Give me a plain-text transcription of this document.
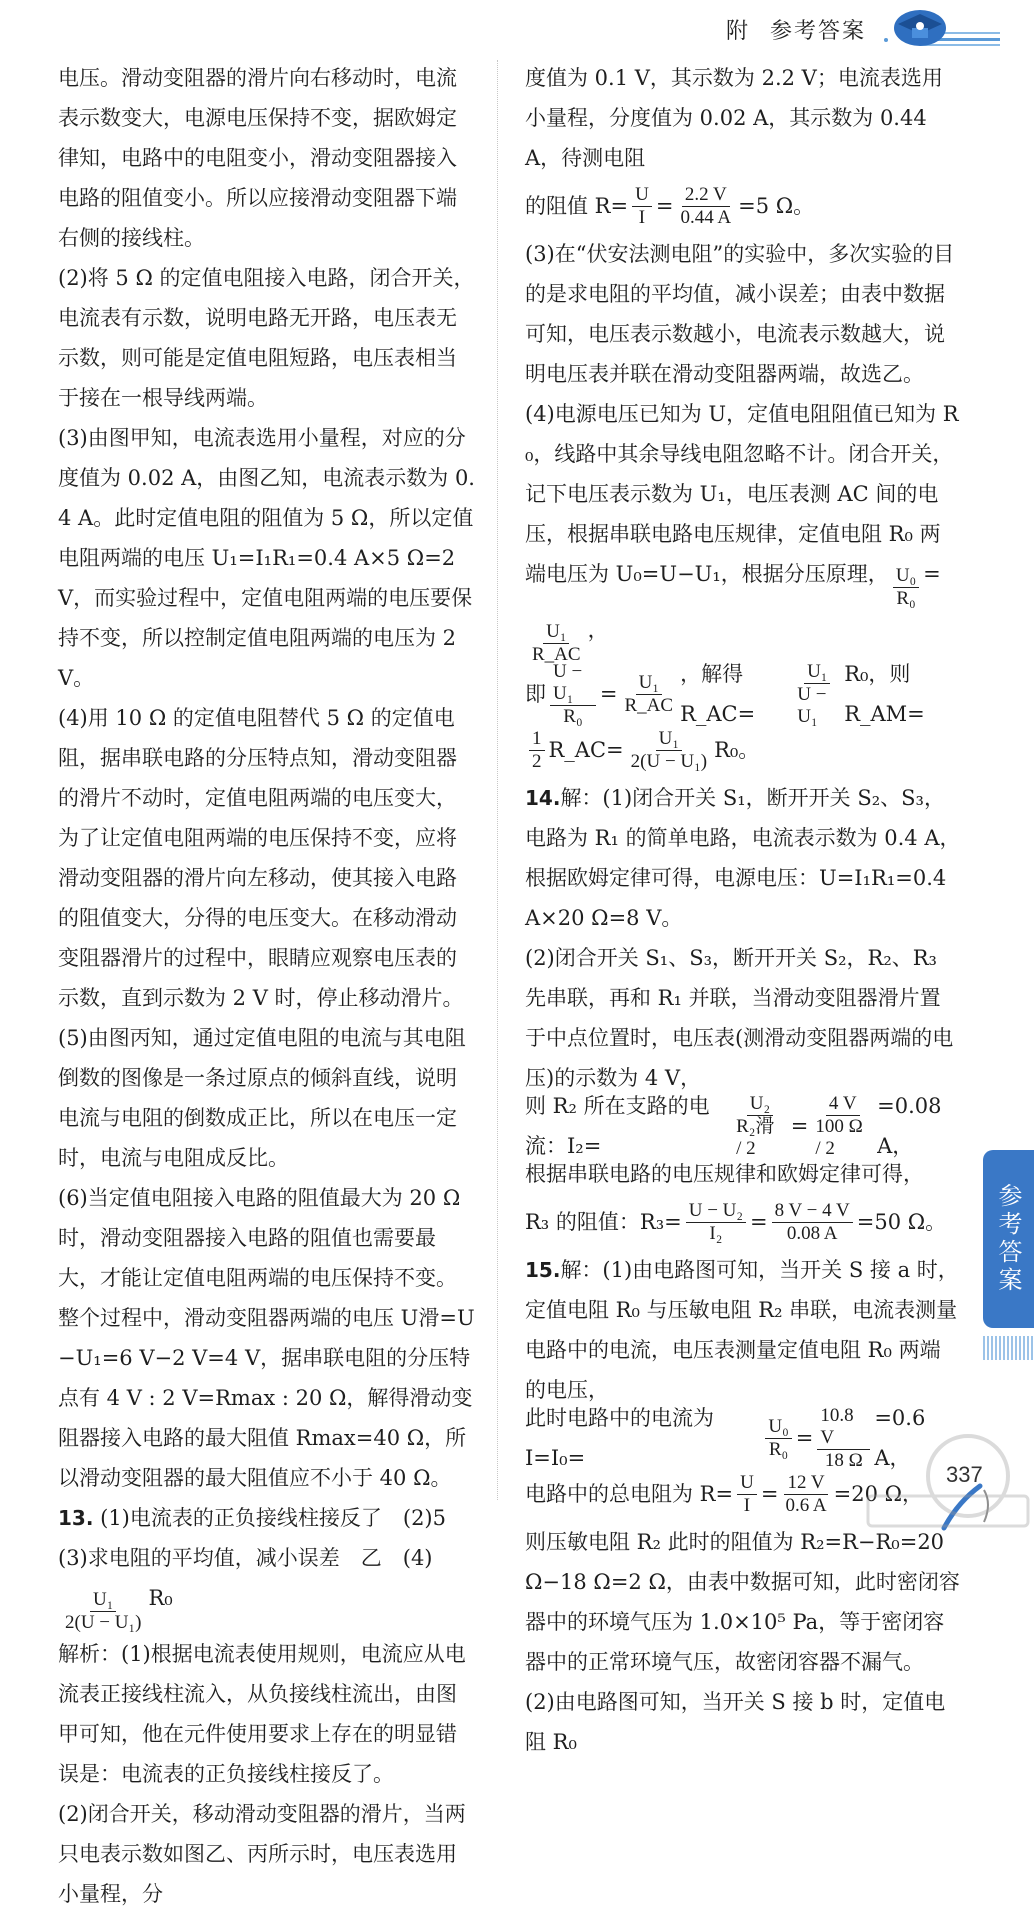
附 参考答案

电压。滑动变阻器的滑片向右移动时，电流表示数变大，电源电压保持不变，据欧姆定律知，电路中的电阻变小，滑动变阻器接入电路的阻值变小。所以应接滑动变阻器下端右侧的接线柱。

(2)将 5 Ω 的定值电阻接入电路，闭合开关，电流表有示数，说明电路无开路，电压表无示数，则可能是定值电阻短路，电压表相当于接在一根导线两端。

(3)由图甲知，电流表选用小量程，对应的分度值为 0.02 A，由图乙知，电流表示数为 0.4 A。此时定值电阻的阻值为 5 Ω，所以定值电阻两端的电压 U₁=I₁R₁=0.4 A×5 Ω=2 V，而实验过程中，定值电阻两端的电压要保持不变，所以控制定值电阻两端的电压为 2 V。

(4)用 10 Ω 的定值电阻替代 5 Ω 的定值电阻，据串联电路的分压特点知，滑动变阻器的滑片不动时，定值电阻两端的电压变大，为了让定值电阻两端的电压保持不变，应将滑动变阻器的滑片向左移动，使其接入电路的阻值变大，分得的电压变大。在移动滑动变阻器滑片的过程中，眼睛应观察电压表的示数，直到示数为 2 V 时，停止移动滑片。

(5)由图丙知，通过定值电阻的电流与其电阻倒数的图像是一条过原点的倾斜直线，说明电流与电阻的倒数成正比，所以在电压一定时，电流与电阻成反比。

(6)当定值电阻接入电路的阻值最大为 20 Ω 时，滑动变阻器接入电路的阻值也需要最大，才能让定值电阻两端的电压保持不变。整个过程中，滑动变阻器两端的电压 U滑=U−U₁=6 V−2 V=4 V，据串联电阻的分压特点有 4 V : 2 V=Rmax : 20 Ω，解得滑动变阻器接入电路的最大阻值 Rmax=40 Ω，所以滑动变阻器的最大阻值应不小于 40 Ω。

13. (1)电流表的正负接线柱接反了　(2)5　(3)求电阻的平均值，减小误差　乙　(4)
$\frac{\text{U₁}}{\text{2(U − U₁)}} R_0$

解析：(1)根据电流表使用规则，电流应从电流表正接线柱流入，从负接线柱流出，由图甲可知，他在元件使用要求上存在的明显错误是：电流表的正负接线柱接反了。

(2)闭合开关，移动滑动变阻器的滑片，当两只电表示数如图乙、丙所示时，电压表选用小量程，分

度值为 0.1 V，其示数为 2.2 V；电流表选用小量程，分度值为 0.02 A，其示数为 0.44 A，待测电阻

的阻值 $R= \frac{U}{I} = \frac{2.2 V}{0.44 A} =5$ Ω。

(3)在“伏安法测电阻”的实验中，多次实验的目的是求电阻的平均值，减小误差；由表中数据可知，电压表示数越小，电流表示数越大，说明电压表并联在滑动变阻器两端，故选乙。

(4)电源电压已知为 U，定值电阻阻值已知为 R₀，线路中其余导线电阻忽略不计。闭合开关，记下电压表示数为 U₁，电压表测 AC 间的电压，根据串联电路电压规律，定值电阻 R₀ 两端电压为 U₀=U−U₁，根据分压原理， $\frac{\text{U₀}}{\text{R₀}}$ =
$\frac{\text{U₁}}{R\_AC}$ ，

即 $\frac{\text{U − U₁}}{\text{R₀}} = \frac{\text{U₁}}{R\_AC}$ ，解得 R_AC=	$\frac{\text{U₁}}{\text{U − U₁}} R_0$，则 R_AM=
$\frac{1}{2}$ R_AC= $\frac{\text{U₁}}{\text{2(U − U₁)}} R_0$。

14.解：(1)闭合开关 S₁，断开开关 S₂、S₃，电路为 R₁ 的简单电路，电流表示数为 0.4 A，根据欧姆定律可得，电源电压：U=I₁R₁=0.4 A×20 Ω=8 V。

(2)闭合开关 S₁、S₃，断开开关 S₂，R₂、R₃ 先串联，再和 R₁ 并联，当滑动变阻器滑片置于中点位置时，电压表(测滑动变阻器两端的电压)的示数为 4 V，

则 R₂ 所在支路的电流：I₂=	$\frac{\text{U₂}}{\text{R₂滑 / 2}} = \frac{4 V}{100 \Omega / 2} =0.08$ A，

根据串联电路的电压规律和欧姆定律可得，

R₃ 的阻值：$R_3= \frac{\text{U − U₂}}{\text{I₂}} = \frac{8 V - 4 V}{0.08 A} =50$ Ω。

15.解：(1)由电路图可知，当开关 S 接 a 时，定值电阻 R₀ 与压敏电阻 R₂ 串联，电流表测量电路中的电流，电压表测量定值电阻 R₀ 两端的电压，

此时电路中的电流为 I=I₀=	$\frac{\text{U₀}}{\text{R₀}} = \frac{10.8 V}{18 \Omega} =0.6$ A，
电路中的总电阻为 $R= \frac{U}{I} = \frac{12 V}{0.6 A} =20$ Ω，

则压敏电阻 R₂ 此时的阻值为 R₂=R−R₀=20 Ω−18 Ω=2 Ω，由表中数据可知，此时密闭容器中的环境气压为 1.0×10⁵ Pa，等于密闭容器中的正常环境气压，故密闭容器不漏气。

(2)由电路图可知，当开关 S 接 b 时，定值电阻 R₀

参考答案
337
